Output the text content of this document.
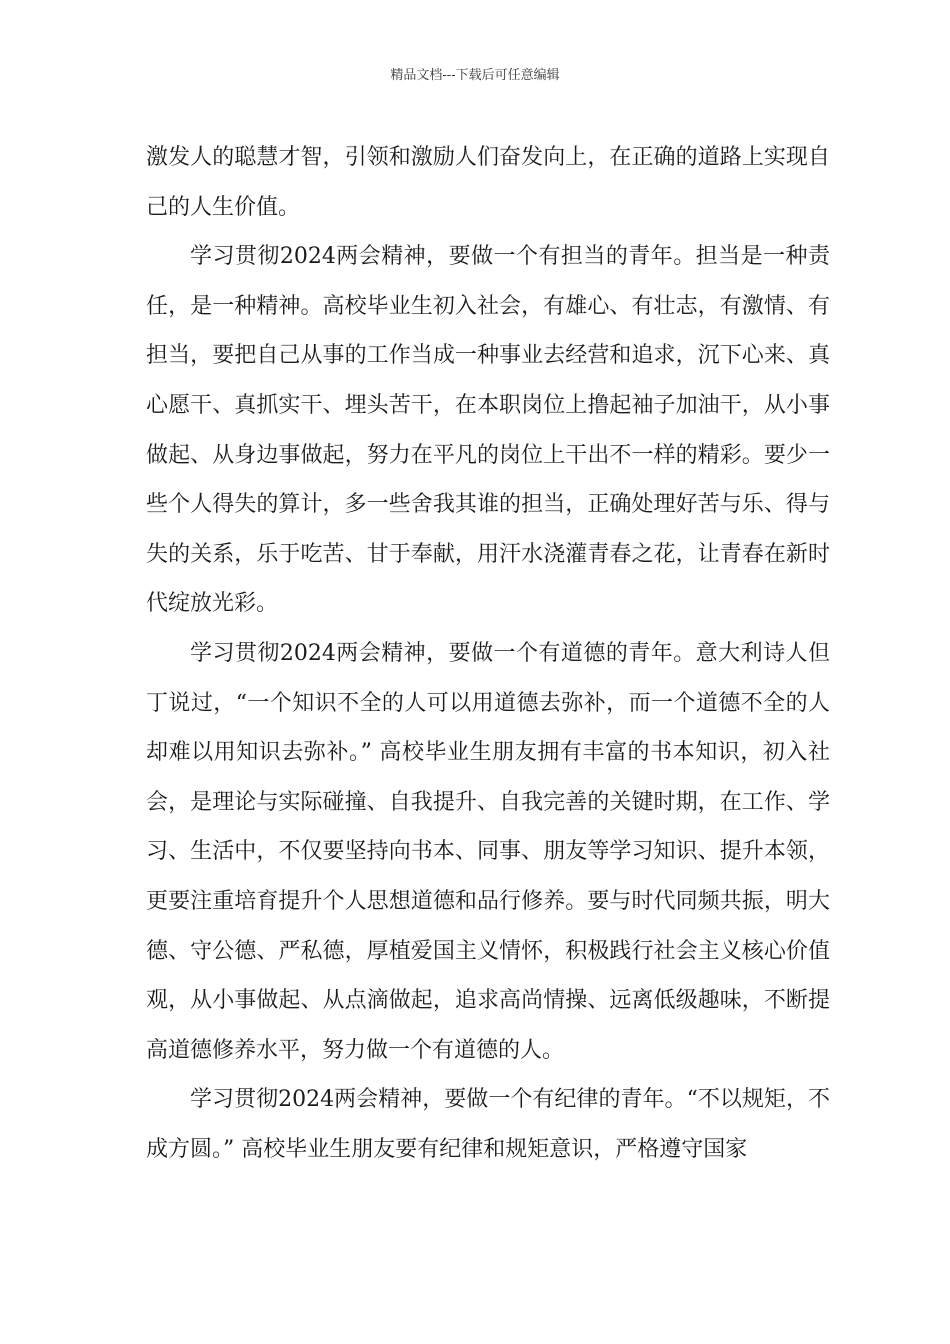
精品文档---下载后可任意编辑

激发人的聪慧才智，引领和激励人们奋发向上，在正确的道路上实现自己的人生价值。

学习贯彻2024两会精神，要做一个有担当的青年。担当是一种责任，是一种精神。高校毕业生初入社会，有雄心、有壮志，有激情、有担当，要把自己从事的工作当成一种事业去经营和追求，沉下心来、真心愿干、真抓实干、埋头苦干，在本职岗位上撸起袖子加油干，从小事做起、从身边事做起，努力在平凡的岗位上干出不一样的精彩。要少一些个人得失的算计，多一些舍我其谁的担当，正确处理好苦与乐、得与失的关系，乐于吃苦、甘于奉献，用汗水浇灌青春之花，让青春在新时代绽放光彩。

学习贯彻2024两会精神，要做一个有道德的青年。意大利诗人但丁说过，“一个知识不全的人可以用道德去弥补，而一个道德不全的人却难以用知识去弥补。” 高校毕业生朋友拥有丰富的书本知识，初入社会，是理论与实际碰撞、自我提升、自我完善的关键时期，在工作、学习、生活中，不仅要坚持向书本、同事、朋友等学习知识、提升本领，更要注重培育提升个人思想道德和品行修养。要与时代同频共振，明大德、守公德、严私德，厚植爱国主义情怀，积极践行社会主义核心价值观，从小事做起、从点滴做起，追求高尚情操、远离低级趣味，不断提高道德修养水平，努力做一个有道德的人。

学习贯彻2024两会精神，要做一个有纪律的青年。“不以规矩，不成方圆。” 高校毕业生朋友要有纪律和规矩意识，严格遵守国家
